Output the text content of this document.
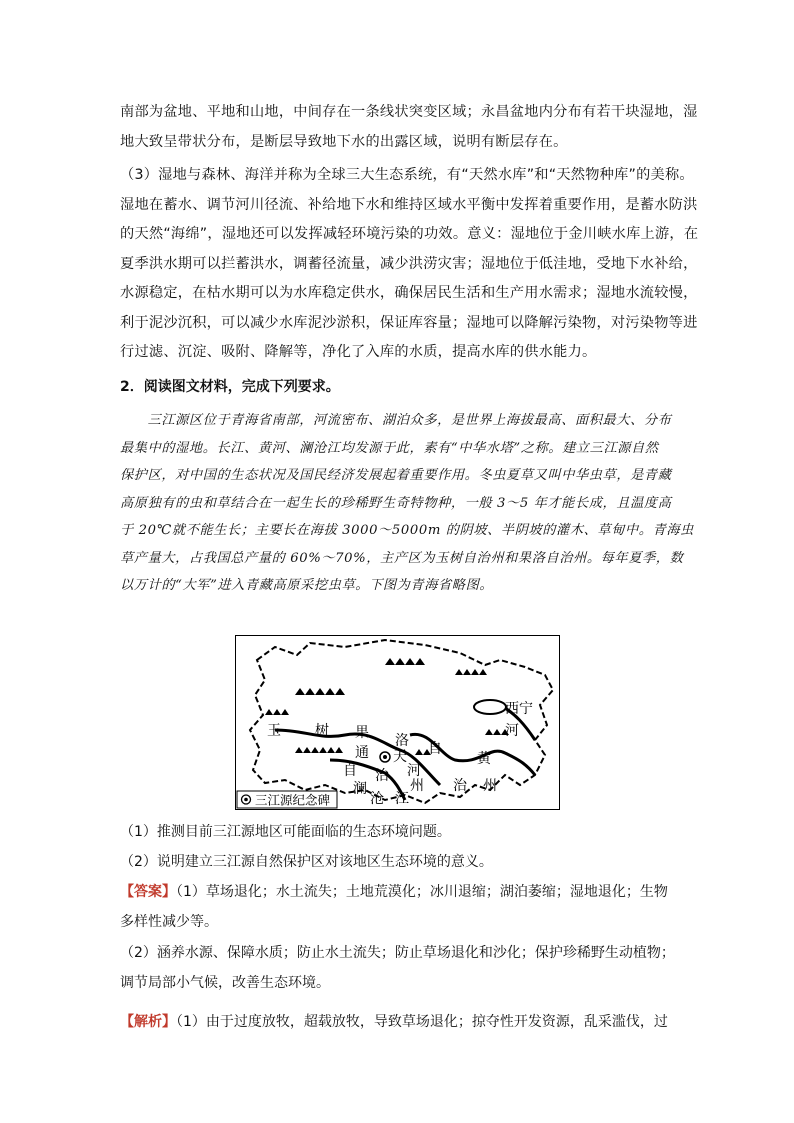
南部为盆地、平地和山地，中间存在一条线状突变区域；永昌盆地内分布有若干块湿地，湿

地大致呈带状分布，是断层导致地下水的出露区域，说明有断层存在。

（3）湿地与森林、海洋并称为全球三大生态系统，有“天然水库”和“天然物种库”的美称。

湿地在蓄水、调节河川径流、补给地下水和维持区域水平衡中发挥着重要作用，是蓄水防洪

的天然“海绵”，湿地还可以发挥减轻环境污染的功效。意义：湿地位于金川峡水库上游，在

夏季洪水期可以拦蓄洪水，调蓄径流量，减少洪涝灾害；湿地位于低洼地，受地下水补给，

水源稳定，在枯水期可以为水库稳定供水，确保居民生活和生产用水需求；湿地水流较慢，

利于泥沙沉积，可以减少水库泥沙淤积，保证库容量；湿地可以降解污染物，对污染物等进

行过滤、沉淀、吸附、降解等，净化了入库的水质，提高水库的供水能力。

2．阅读图文材料，完成下列要求。

　　三江源区位于青海省南部，河流密布、湖泊众多，是世界上海拔最高、面积最大、分布

最集中的湿地。长江、黄河、澜沧江均发源于此，素有“中华水塔”之称。建立三江源自然

保护区，对中国的生态状况及国民经济发展起着重要作用。冬虫夏草又叫中华虫草，是青藏

高原独有的虫和草结合在一起生长的珍稀野生奇特物种，一般 3～5 年才能长成，且温度高

于 20℃就不能生长；主要长在海拔 3000～5000m 的阴坡、半阴坡的灌木、草甸中。青海虫

草产量大，占我国总产量的 60%～70%，主产区为玉树自治州和果洛自治州。每年夏季，数

以万计的“大军”进入青藏高原采挖虫草。下图为青海省略图。

西宁
玉 树 果 洛
河
自
通 天
治
自	河
黄
州
澜	治 州
沧 江
三江源纪念碑

（1）推测目前三江源地区可能面临的生态环境问题。

（2）说明建立三江源自然保护区对该地区生态环境的意义。

【答案】（1）草场退化；水土流失；土地荒漠化；冰川退缩；湖泊萎缩；湿地退化；生物

多样性减少等。

（2）涵养水源、保障水质；防止水土流失；防止草场退化和沙化；保护珍稀野生动植物；

调节局部小气候，改善生态环境。

【解析】（1）由于过度放牧，超载放牧，导致草场退化；掠夺性开发资源，乱采滥伐，过
